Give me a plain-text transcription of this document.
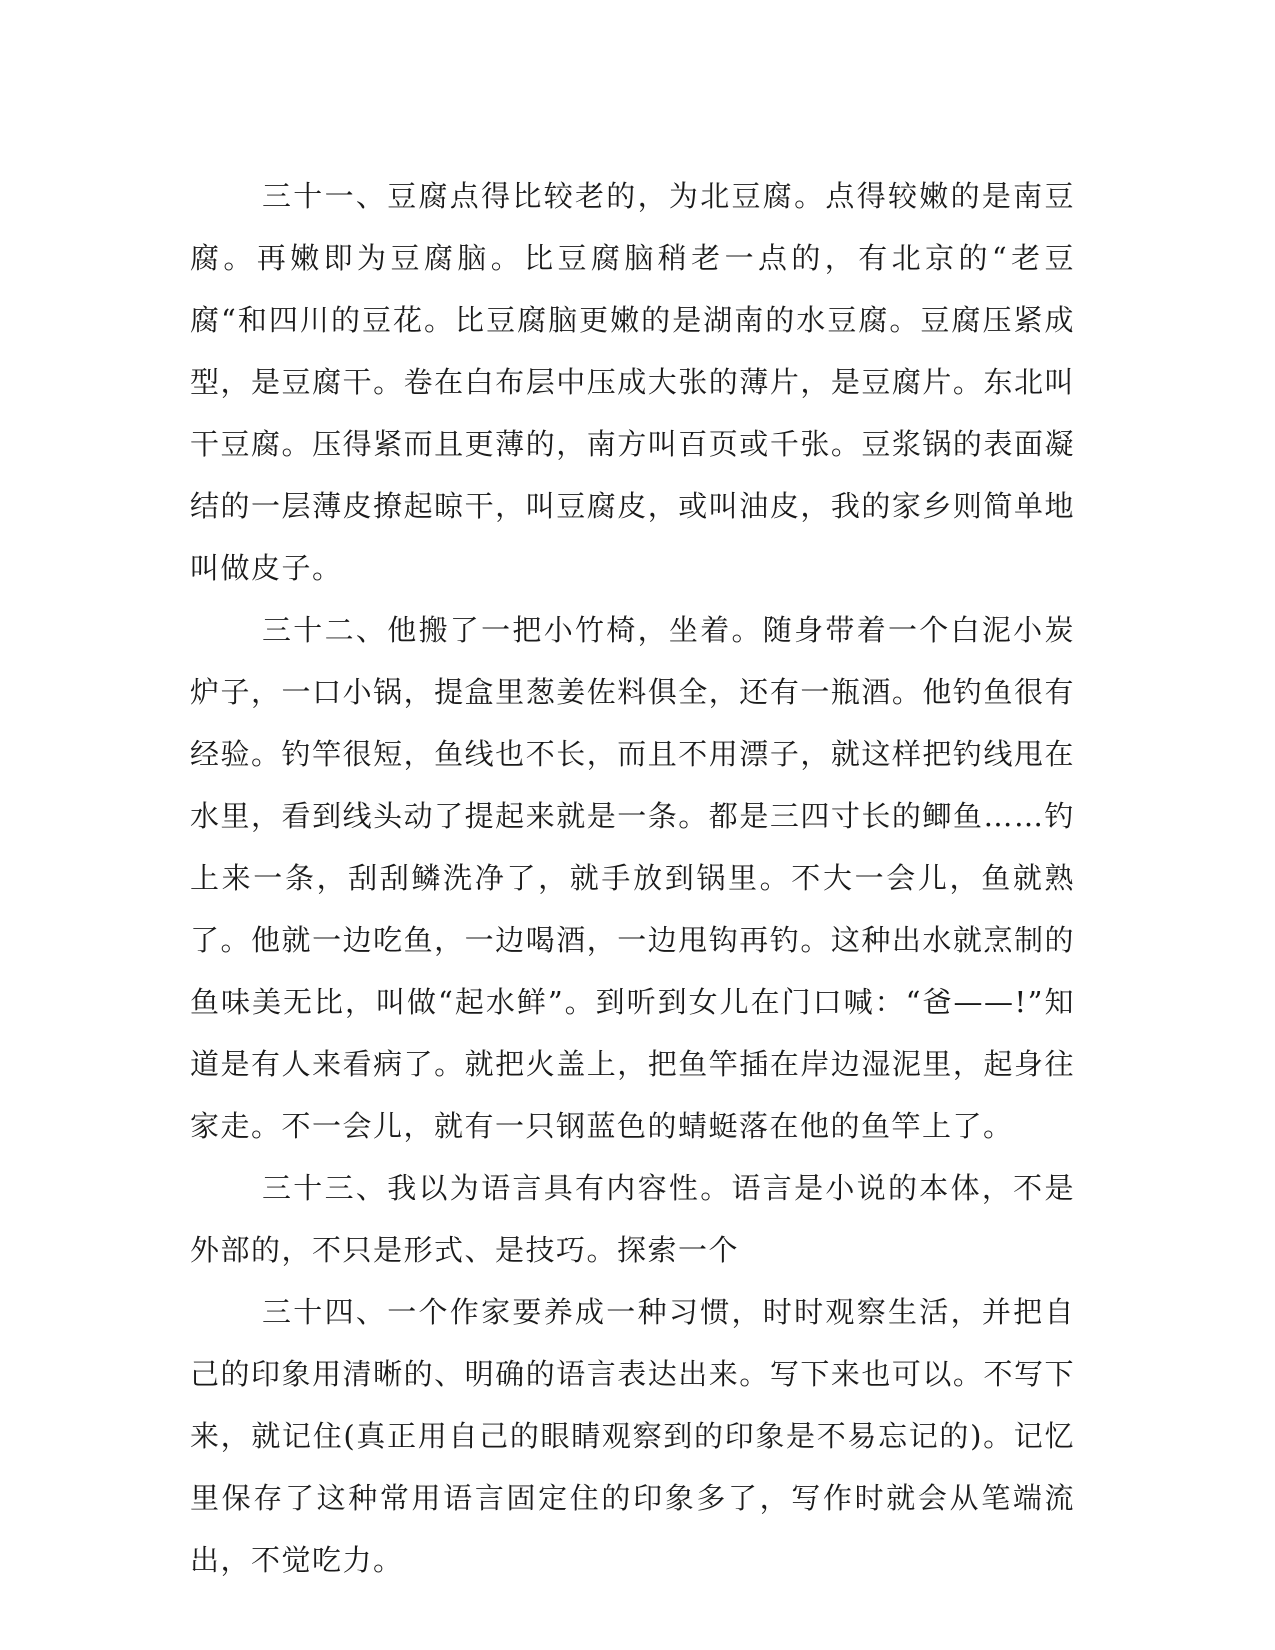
三十一、豆腐点得比较老的，为北豆腐。点得较嫩的是南豆腐。再嫩即为豆腐脑。比豆腐脑稍老一点的，有北京的“老豆腐“和四川的豆花。比豆腐脑更嫩的是湖南的水豆腐。豆腐压紧成型，是豆腐干。卷在白布层中压成大张的薄片，是豆腐片。东北叫干豆腐。压得紧而且更薄的，南方叫百页或千张。豆浆锅的表面凝结的一层薄皮撩起晾干，叫豆腐皮，或叫油皮，我的家乡则简单地叫做皮子。

三十二、他搬了一把小竹椅，坐着。随身带着一个白泥小炭炉子，一口小锅，提盒里葱姜佐料俱全，还有一瓶酒。他钓鱼很有经验。钓竿很短，鱼线也不长，而且不用漂子，就这样把钓线甩在水里，看到线头动了提起来就是一条。都是三四寸长的鲫鱼……钓上来一条，刮刮鳞洗净了，就手放到锅里。不大一会儿，鱼就熟了。他就一边吃鱼，一边喝酒，一边甩钩再钓。这种出水就烹制的鱼味美无比，叫做“起水鲜”。到听到女儿在门口喊：“爸——!”知道是有人来看病了。就把火盖上，把鱼竿插在岸边湿泥里，起身往家走。不一会儿，就有一只钢蓝色的蜻蜓落在他的鱼竿上了。

三十三、我以为语言具有内容性。语言是小说的本体，不是外部的，不只是形式、是技巧。探索一个

三十四、一个作家要养成一种习惯，时时观察生活，并把自己的印象用清晰的、明确的语言表达出来。写下来也可以。不写下来，就记住(真正用自己的眼睛观察到的印象是不易忘记的)。记忆里保存了这种常用语言固定住的印象多了，写作时就会从笔端流出，不觉吃力。
